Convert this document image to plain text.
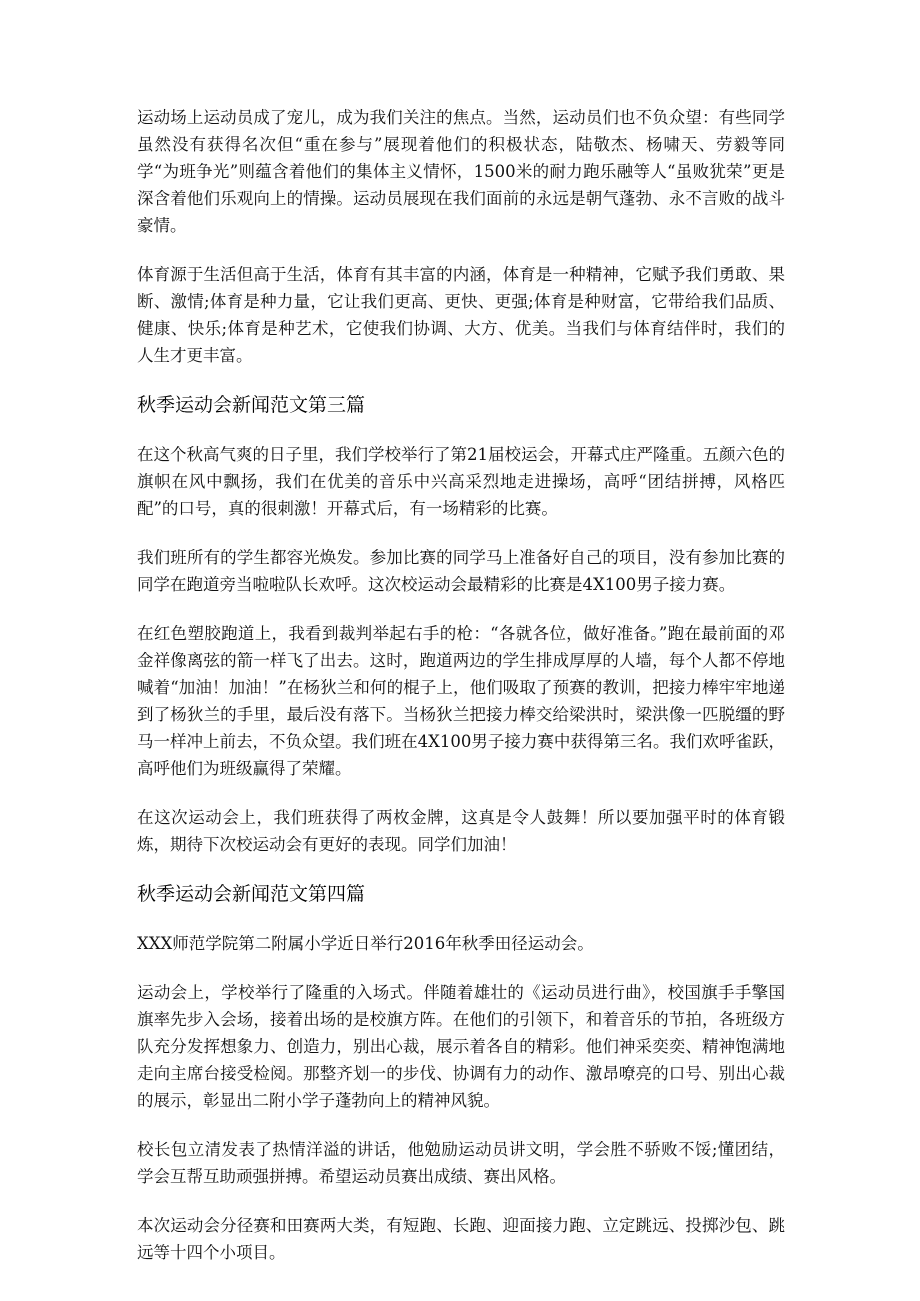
运动场上运动员成了宠儿，成为我们关注的焦点。当然，运动员们也不负众望：有些同学虽然没有获得名次但“重在参与”展现着他们的积极状态，陆敬杰、杨啸天、劳毅等同学“为班争光”则蕴含着他们的集体主义情怀，1500米的耐力跑乐融等人“虽败犹荣”更是深含着他们乐观向上的情操。运动员展现在我们面前的永远是朝气蓬勃、永不言败的战斗豪情。

体育源于生活但高于生活，体育有其丰富的内涵，体育是一种精神，它赋予我们勇敢、果断、激情;体育是种力量，它让我们更高、更快、更强;体育是种财富，它带给我们品质、健康、快乐;体育是种艺术，它使我们协调、大方、优美。当我们与体育结伴时，我们的人生才更丰富。

秋季运动会新闻范文第三篇

在这个秋高气爽的日子里，我们学校举行了第21届校运会，开幕式庄严隆重。五颜六色的旗帜在风中飘扬，我们在优美的音乐中兴高采烈地走进操场，高呼“团结拼搏，风格匹配”的口号，真的很刺激！开幕式后，有一场精彩的比赛。

我们班所有的学生都容光焕发。参加比赛的同学马上准备好自己的项目，没有参加比赛的同学在跑道旁当啦啦队长欢呼。这次校运动会最精彩的比赛是4X100男子接力赛。

在红色塑胶跑道上，我看到裁判举起右手的枪：“各就各位，做好准备。”跑在最前面的邓金祥像离弦的箭一样飞了出去。这时，跑道两边的学生排成厚厚的人墙，每个人都不停地喊着“加油！加油！”在杨狄兰和何的棍子上，他们吸取了预赛的教训，把接力棒牢牢地递到了杨狄兰的手里，最后没有落下。当杨狄兰把接力棒交给梁洪时，梁洪像一匹脱缰的野马一样冲上前去，不负众望。我们班在4X100男子接力赛中获得第三名。我们欢呼雀跃，高呼他们为班级赢得了荣耀。

在这次运动会上，我们班获得了两枚金牌，这真是令人鼓舞！所以要加强平时的体育锻炼，期待下次校运动会有更好的表现。同学们加油！

秋季运动会新闻范文第四篇

XXX师范学院第二附属小学近日举行2016年秋季田径运动会。

运动会上，学校举行了隆重的入场式。伴随着雄壮的《运动员进行曲》，校国旗手手擎国旗率先步入会场，接着出场的是校旗方阵。在他们的引领下，和着音乐的节拍，各班级方队充分发挥想象力、创造力，别出心裁，展示着各自的精彩。他们神采奕奕、精神饱满地走向主席台接受检阅。那整齐划一的步伐、协调有力的动作、激昂嘹亮的口号、别出心裁的展示，彰显出二附小学子蓬勃向上的精神风貌。

校长包立清发表了热情洋溢的讲话，他勉励运动员讲文明，学会胜不骄败不馁;懂团结，学会互帮互助顽强拼搏。希望运动员赛出成绩、赛出风格。

本次运动会分径赛和田赛两大类，有短跑、长跑、迎面接力跑、立定跳远、投掷沙包、跳远等十四个小项目。
